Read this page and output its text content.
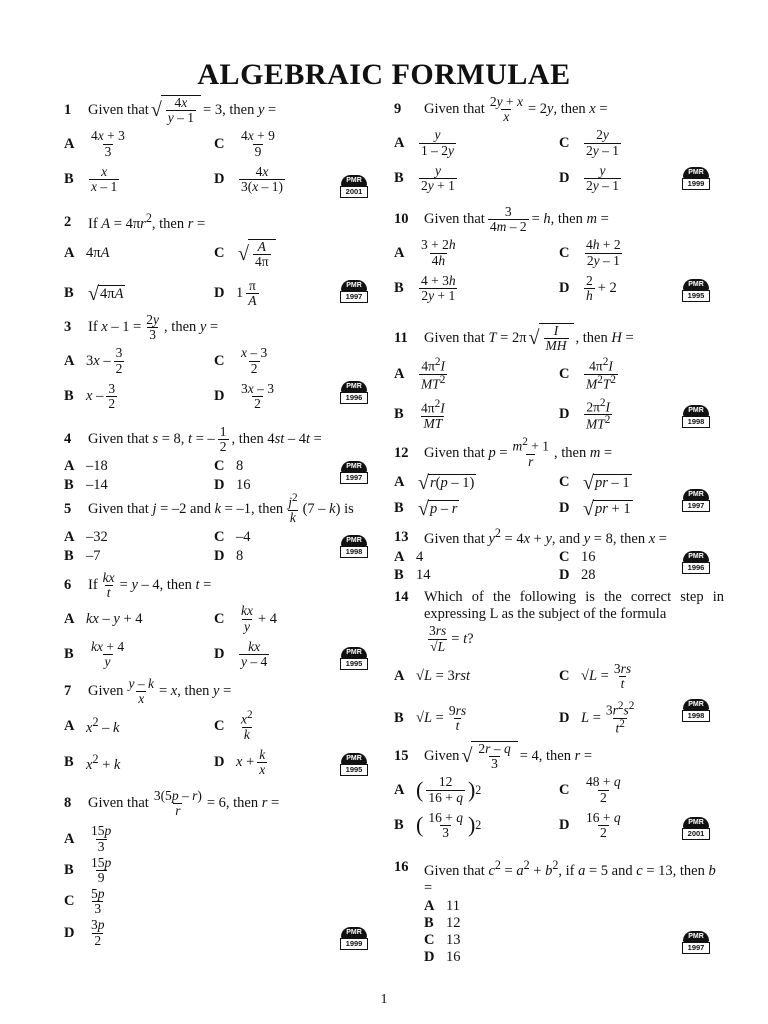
ALGEBRAIC FORMULAE
1	Given that √ $\frac{4x}{y - 1} = 3$, then y =
A	$\frac{4x + 3}{3}$	C	$\frac{4x + 9}{9}$
B	$\frac{x}{x - 1}$	D	$\frac{4x}{3(x - 1)}$	PMR
2001
2	If $A = 4\pi r^2$, then r =
A 4πA	C √ $\frac{A}{4\pi}$
B √ 4πA	D $1 \frac{\pi}{A}$	PMR
1997
3	If $x - 1 = \frac{2y}{3}$ , then y =
A $3x - \frac{3}{2}$	C	$\frac{x - 3}{2}$
B x – $\frac{3}{2}$	D	$\frac{3x - 3}{2}$	PMR
1996
4	Given that s = 8, t = – $\frac{1}{2}$ , then 4st – 4t =
A –18	C 8
B –14	D 16
PMR
1997
5	Given that j = –2 and k = –1, then $\frac{j^2}{k} (7 - k)$ is
A –32	C –4
B –7	D 8
PMR
1998
6	If $\frac{kx}{t} = y - 4$, then t =
A kx – y + 4	C	$\frac{kx}{y} + 4$
B	$\frac{kx + 4}{y}$	D	$\frac{kx}{y - 4}$	PMR
1995
7	Given $\frac{y - k}{x} = x$, then y =
A $x^2$ – k	C	$\frac{x^2}{k}$
B $x^2 + k$	D $x + \frac{k}{x}$	PMR
1995
8	Given that $\frac{3(5p - r)}{r} = 6$, then r =
A	$\frac{15p}{3}$
B	$\frac{15p}{9}$
C	$\frac{5p}{3}$
D	$\frac{3p}{2}$	PMR
1999
9	Given that $\frac{2y + x}{x} = 2y$, then x =
A	$\frac{y}{1 - 2y}$	C	$\frac{2y}{2y - 1}$
B	$\frac{y}{2y + 1}$	D	$\frac{y}{2y - 1}$	PMR
1999
10	Given that $\frac{3}{4m - 2} = h$, then m =
A	$\frac{3 + 2h}{4h}$	C	$\frac{4h + 2}{2y - 1}$
B	$\frac{4 + 3h}{2y + 1}$	D	$\frac{2}{h} + 2$	PMR
1995
11	Given that T = 2π √ $\frac{I}{MH}$ , then H =
A	$\frac{4\pi^2I}{MT^2}$	C	$\frac{4\pi^2I}{M^2T^2}$
B	$\frac{4\pi^2I}{MT}$	D	$\frac{2\pi^2I}{MT^2}$	PMR
1998
12	Given that $p = \frac{m^2 + 1}{r}$ , then m =
A √ r(p – 1)	C √ pr – 1
B √ p – r	D √ pr + 1
PMR
1997
13	Given that $y^2 = 4x + y$, and y = 8, then x =
A 4	C 16
B 14	D 28
PMR
1996
14	Which of the following is the correct step in expressing L as the subject of the formula
$\frac{3rs}{√L} = t$?
A √L = 3rst	C $√L = \frac{3rs}{t}$
B $√L = \frac{9rs}{t}$	D $L = \frac{3r^2s^2}{t^2}$	PMR
1998
15	Given √ $\frac{2r - q}{3} = 4$, then r =
A ( $\frac{12}{16 + q}$ ) 2	C	$\frac{48 + q}{2}$
B ( $\frac{16 + q}{3}$ ) 2	D	$\frac{16 + q}{2}$	PMR
2001
16	Given that $c^2 = a^2 + b^2$, if a = 5 and c = 13, then b =
A 11
B 12
C 13
D 16
PMR
1997
1
